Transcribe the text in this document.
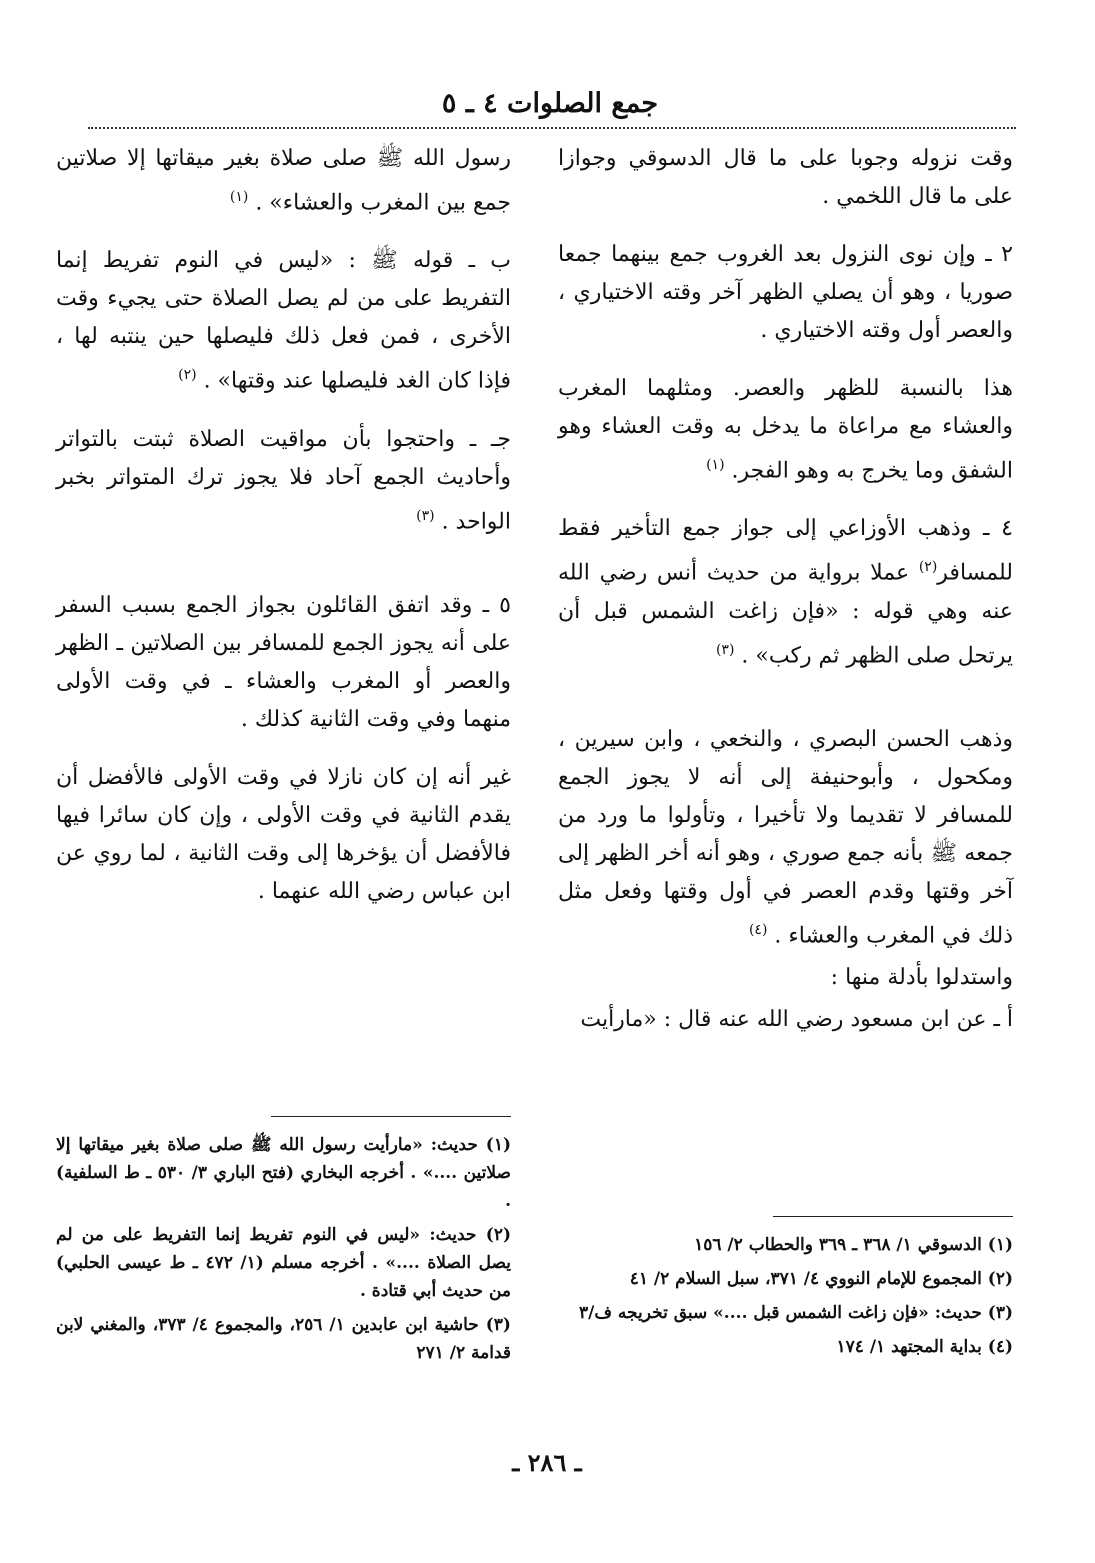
جمع الصلوات ٤ ـ ٥

وقت نزوله وجوبا على ما قال الدسوقي وجوازا على ما قال اللخمي .

٢ ـ وإن نوى النزول بعد الغروب جمع بينهما جمعا صوريا ، وهو أن يصلي الظهر آخر وقته الاختياري ، والعصر أول وقته الاختياري .

هذا بالنسبة للظهر والعصر. ومثلهما المغرب والعشاء مع مراعاة ما يدخل به وقت العشاء وهو الشفق وما يخرج به وهو الفجر. $^{(١)}$

٤ ـ وذهب الأوزاعي إلى جواز جمع التأخير فقط للمسافر$^{(٢)}$ عملا برواية من حديث أنس رضي الله عنه وهي قوله : «فإن زاغت الشمس قبل أن يرتحل صلى الظهر ثم ركب» . $^{(٣)}$

وذهب الحسن البصري ، والنخعي ، وابن سيرين ، ومكحول ، وأبوحنيفة إلى أنه لا يجوز الجمع للمسافر لا تقديما ولا تأخيرا ، وتأولوا ما ورد من جمعه ﷺ بأنه جمع صوري ، وهو أنه أخر الظهر إلى آخر وقتها وقدم العصر في أول وقتها وفعل مثل ذلك في المغرب والعشاء . $^{(٤)}$

واستدلوا بأدلة منها :

أ ـ عن ابن مسعود رضي الله عنه قال : «مارأيت

رسول الله ﷺ صلى صلاة بغير ميقاتها إلا صلاتين جمع بين المغرب والعشاء» . $^{(١)}$

ب ـ قوله ﷺ : «ليس في النوم تفريط إنما التفريط على من لم يصل الصلاة حتى يجيء وقت الأخرى ، فمن فعل ذلك فليصلها حين ينتبه لها ، فإذا كان الغد فليصلها عند وقتها» . $^{(٢)}$

جـ ـ واحتجوا بأن مواقيت الصلاة ثبتت بالتواتر وأحاديث الجمع آحاد فلا يجوز ترك المتواتر بخبر الواحد . $^{(٣)}$

٥ ـ وقد اتفق القائلون بجواز الجمع بسبب السفر على أنه يجوز الجمع للمسافر بين الصلاتين ـ الظهر والعصر أو المغرب والعشاء ـ في وقت الأولى منهما وفي وقت الثانية كذلك .

غير أنه إن كان نازلا في وقت الأولى فالأفضل أن يقدم الثانية في وقت الأولى ، وإن كان سائرا فيها فالأفضل أن يؤخرها إلى وقت الثانية ، لما روي عن ابن عباس رضي الله عنهما .

(١) الدسوقي ١/ ٣٦٨ ـ ٣٦٩ والحطاب ٢/ ١٥٦

(٢) المجموع للإمام النووي ٤/ ٣٧١، سبل السلام ٢/ ٤١

(٣) حديث: «فإن زاغت الشمس قبل ....» سبق تخريجه ف/٣

(٤) بداية المجتهد ١/ ١٧٤

(١) حديث: «مارأيت رسول الله ﷺ صلى صلاة بغير ميقاتها إلا صلاتين ....» . أخرجه البخاري (فتح الباري ٣/ ٥٣٠ ـ ط السلفية) .

(٢) حديث: «ليس في النوم تفريط إنما التفريط على من لم يصل الصلاة ....» . أخرجه مسلم (١/ ٤٧٢ ـ ط عيسى الحلبي) من حديث أبي قتادة .

(٣) حاشية ابن عابدين ١/ ٢٥٦، والمجموع ٤/ ٣٧٣، والمغني لابن قدامة ٢/ ٢٧١

ـ ٢٨٦ ـ
